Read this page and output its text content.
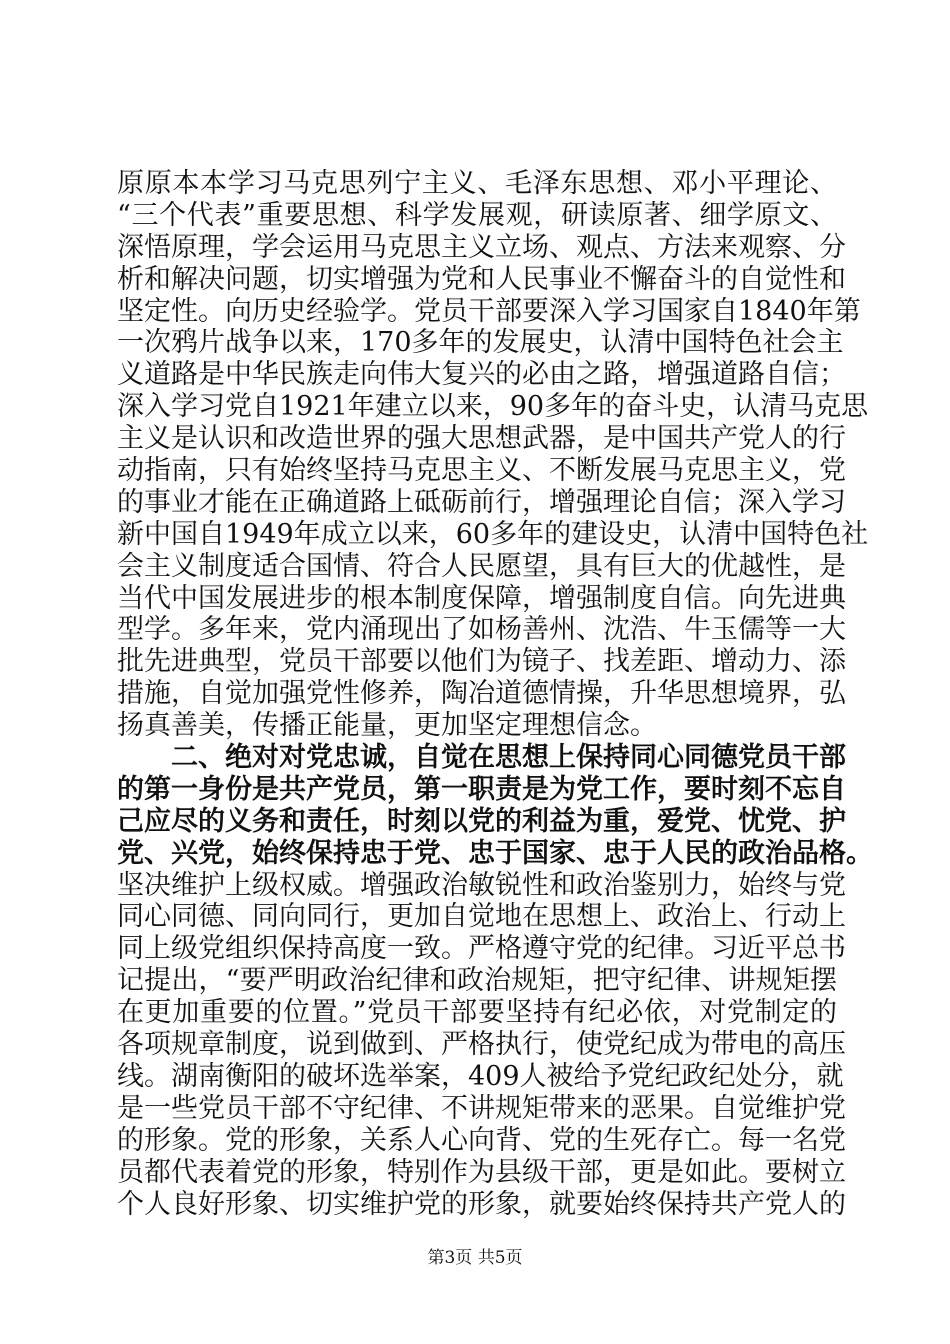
原原本本学习马克思列宁主义、毛泽东思想、邓小平理论、
“三个代表”重要思想、科学发展观，研读原著、细学原文、
深悟原理，学会运用马克思主义立场、观点、方法来观察、分
析和解决问题，切实增强为党和人民事业不懈奋斗的自觉性和
坚定性。向历史经验学。党员干部要深入学习国家自1840年第
一次鸦片战争以来，170多年的发展史，认清中国特色社会主
义道路是中华民族走向伟大复兴的必由之路，增强道路自信；
深入学习党自1921年建立以来，90多年的奋斗史，认清马克思
主义是认识和改造世界的强大思想武器，是中国共产党人的行
动指南，只有始终坚持马克思主义、不断发展马克思主义，党
的事业才能在正确道路上砥砺前行，增强理论自信；深入学习
新中国自1949年成立以来，60多年的建设史，认清中国特色社
会主义制度适合国情、符合人民愿望，具有巨大的优越性，是
当代中国发展进步的根本制度保障，增强制度自信。向先进典
型学。多年来，党内涌现出了如杨善州、沈浩、牛玉儒等一大
批先进典型，党员干部要以他们为镜子、找差距、增动力、添
措施，自觉加强党性修养，陶冶道德情操，升华思想境界，弘
扬真善美，传播正能量，更加坚定理想信念。
二、绝对对党忠诚，自觉在思想上保持同心同德党员干部
的第一身份是共产党员，第一职责是为党工作，要时刻不忘自
己应尽的义务和责任，时刻以党的利益为重，爱党、忧党、护
党、兴党，始终保持忠于党、忠于国家、忠于人民的政治品格。
坚决维护上级权威。增强政治敏锐性和政治鉴别力，始终与党
同心同德、同向同行，更加自觉地在思想上、政治上、行动上
同上级党组织保持高度一致。严格遵守党的纪律。习近平总书
记提出，“要严明政治纪律和政治规矩，把守纪律、讲规矩摆
在更加重要的位置。”党员干部要坚持有纪必依，对党制定的
各项规章制度，说到做到、严格执行，使党纪成为带电的高压
线。湖南衡阳的破坏选举案，409人被给予党纪政纪处分，就
是一些党员干部不守纪律、不讲规矩带来的恶果。自觉维护党
的形象。党的形象，关系人心向背、党的生死存亡。每一名党
员都代表着党的形象，特别作为县级干部，更是如此。要树立
个人良好形象、切实维护党的形象，就要始终保持共产党人的
第3页 共5页
